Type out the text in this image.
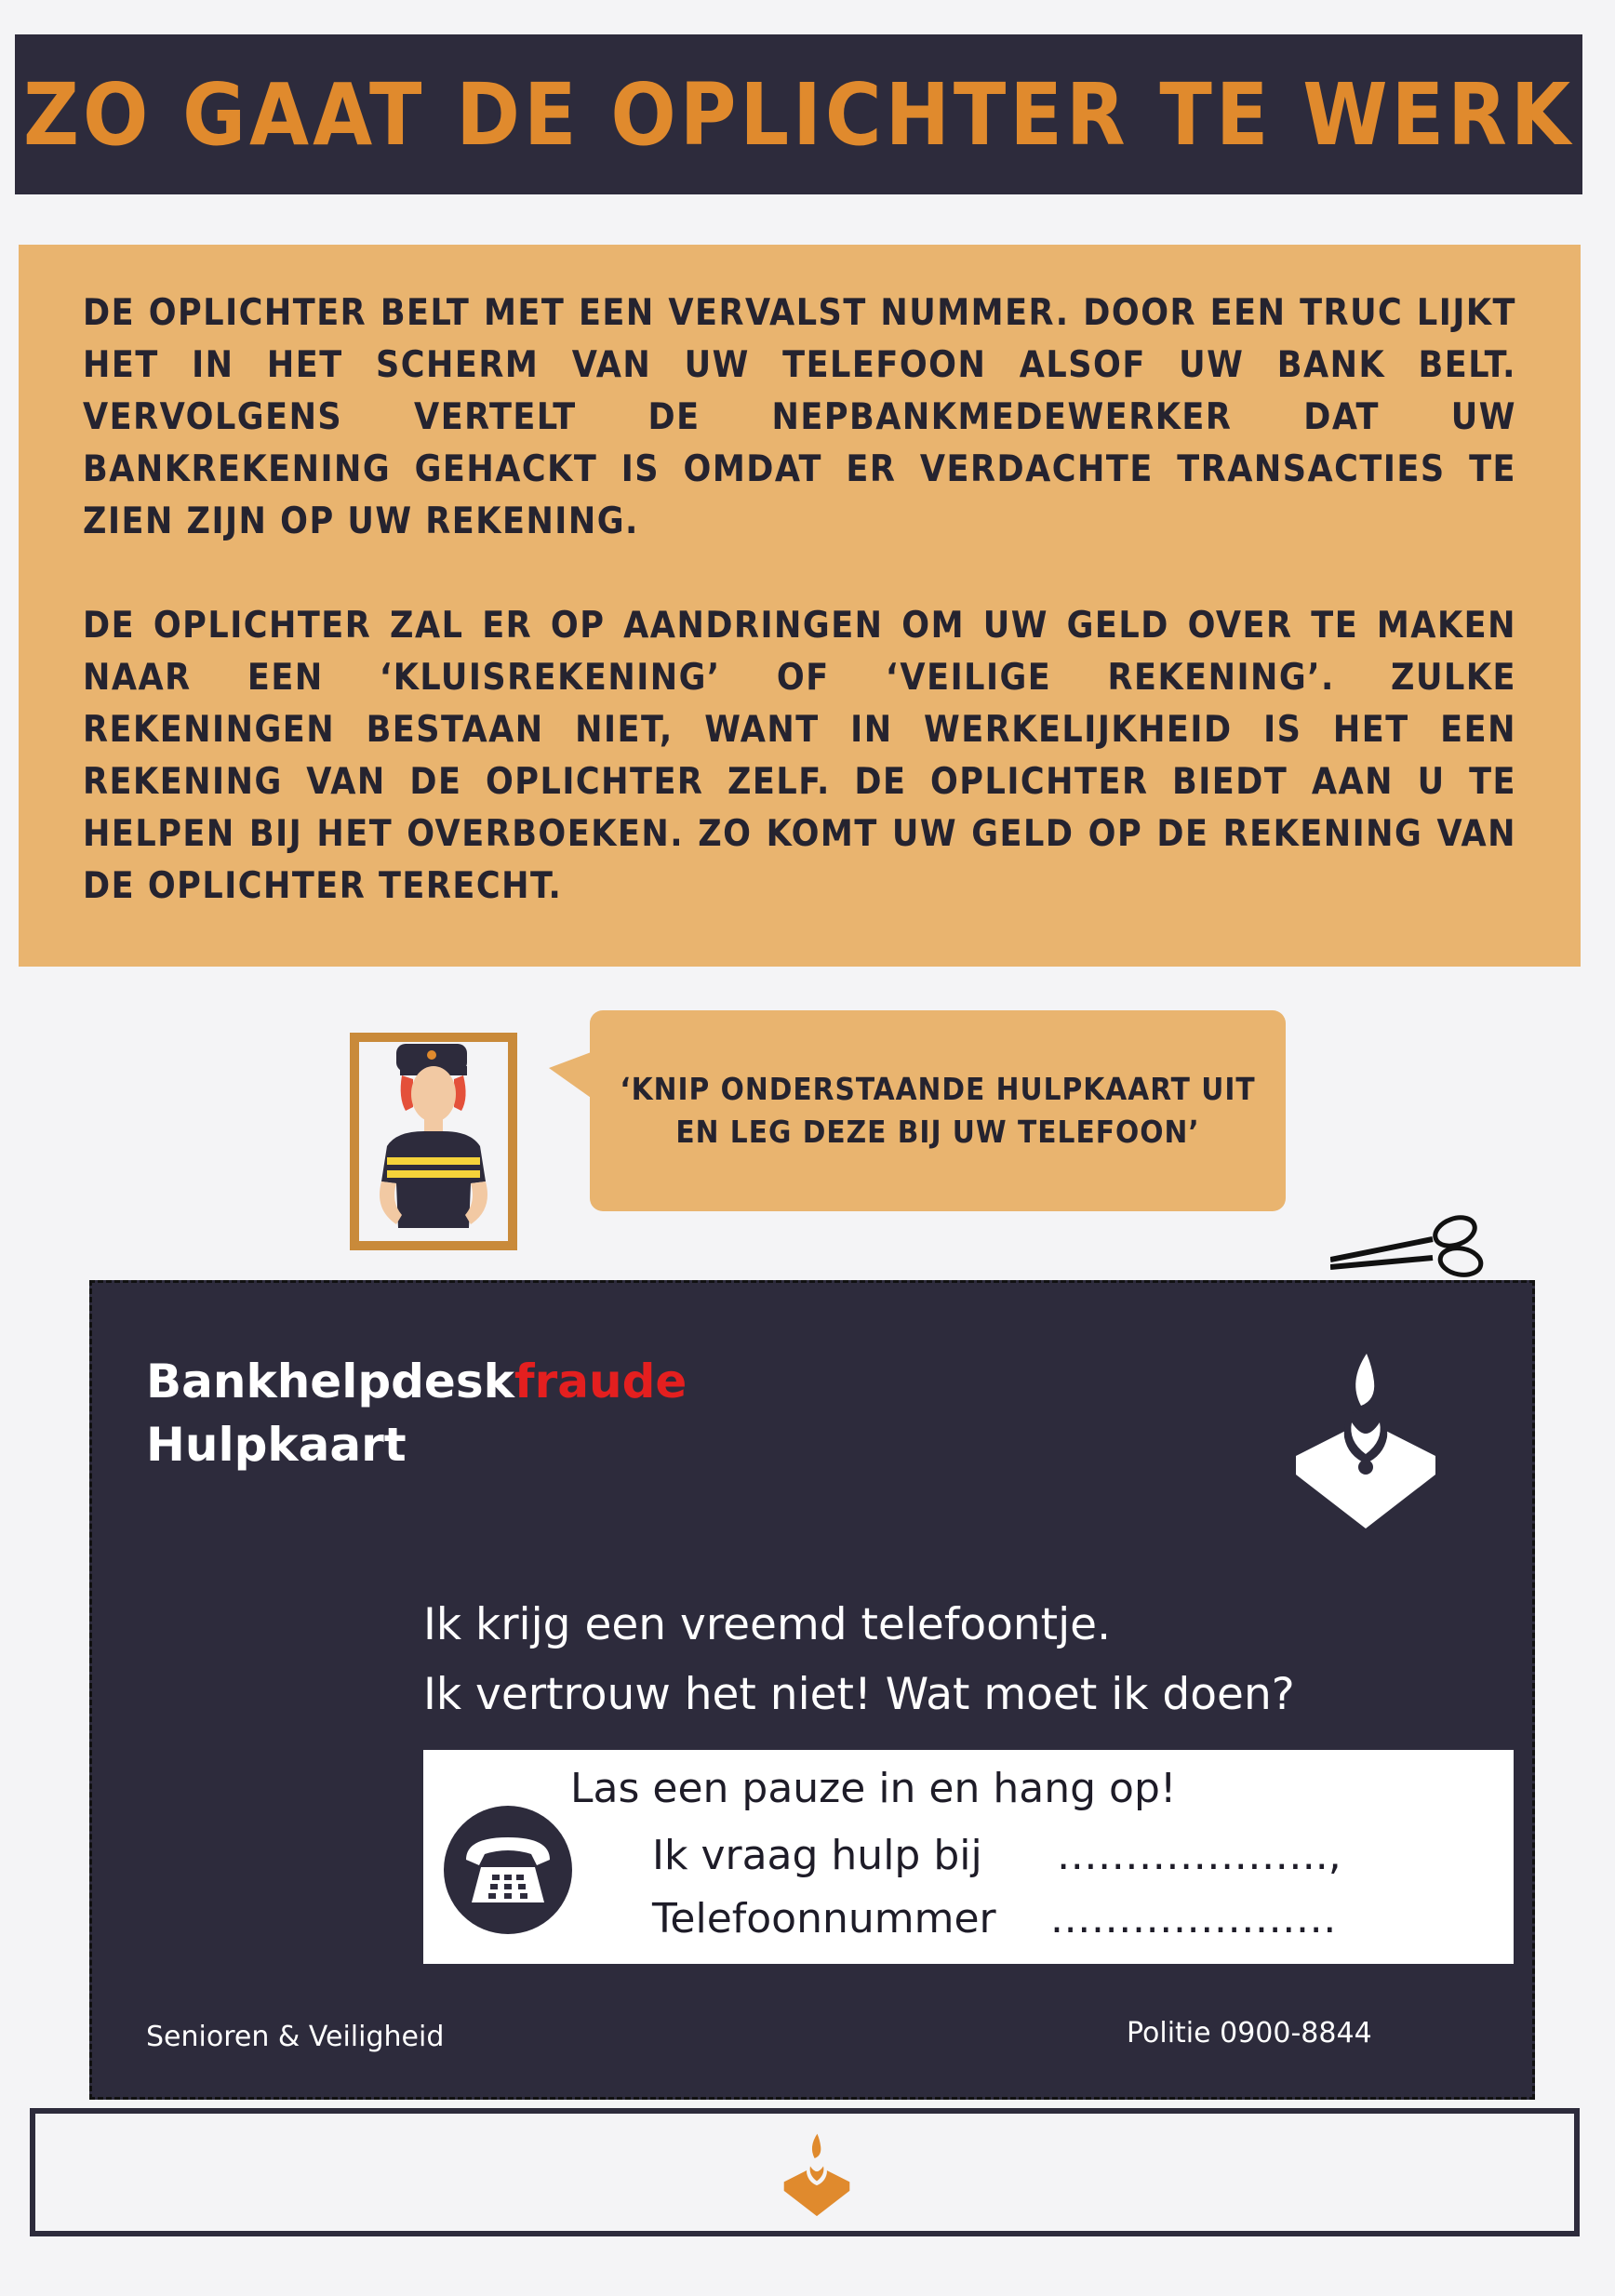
ZO GAAT DE OPLICHTER TE WERK

DE OPLICHTER BELT MET EEN VERVALST NUMMER. DOOR EEN TRUC LIJKT HET IN HET SCHERM VAN UW TELEFOON ALSOF UW BANK BELT. VERVOLGENS VERTELT DE NEPBANKMEDEWERKER DAT UW BANKREKENING GEHACKT IS OMDAT ER VERDACHTE TRANSACTIES TE ZIEN ZIJN OP UW REKENING.

DE OPLICHTER ZAL ER OP AANDRINGEN OM UW GELD OVER TE MAKEN NAAR EEN ‘KLUISREKENING’ OF ‘VEILIGE REKENING’. ZULKE REKENINGEN BESTAAN NIET, WANT IN WERKELIJKHEID IS HET EEN REKENING VAN DE OPLICHTER ZELF. DE OPLICHTER BIEDT AAN U TE HELPEN BIJ HET OVERBOEKEN. ZO KOMT UW GELD OP DE REKENING VAN DE OPLICHTER TERECHT.

‘KNIP ONDERSTAANDE HULPKAART UIT
EN LEG DEZE BIJ UW TELEFOON’
Bankhelpdeskfraude
Hulpkaart
Ik krijg een vreemd telefoontje.
Ik vertrouw het niet! Wat moet ik doen?
Las een pauze in en hang op!
Ik vraag hulp bij ………………..,
Telefoonnummer …………………
Senioren & Veiligheid	Politie 0900-8844
